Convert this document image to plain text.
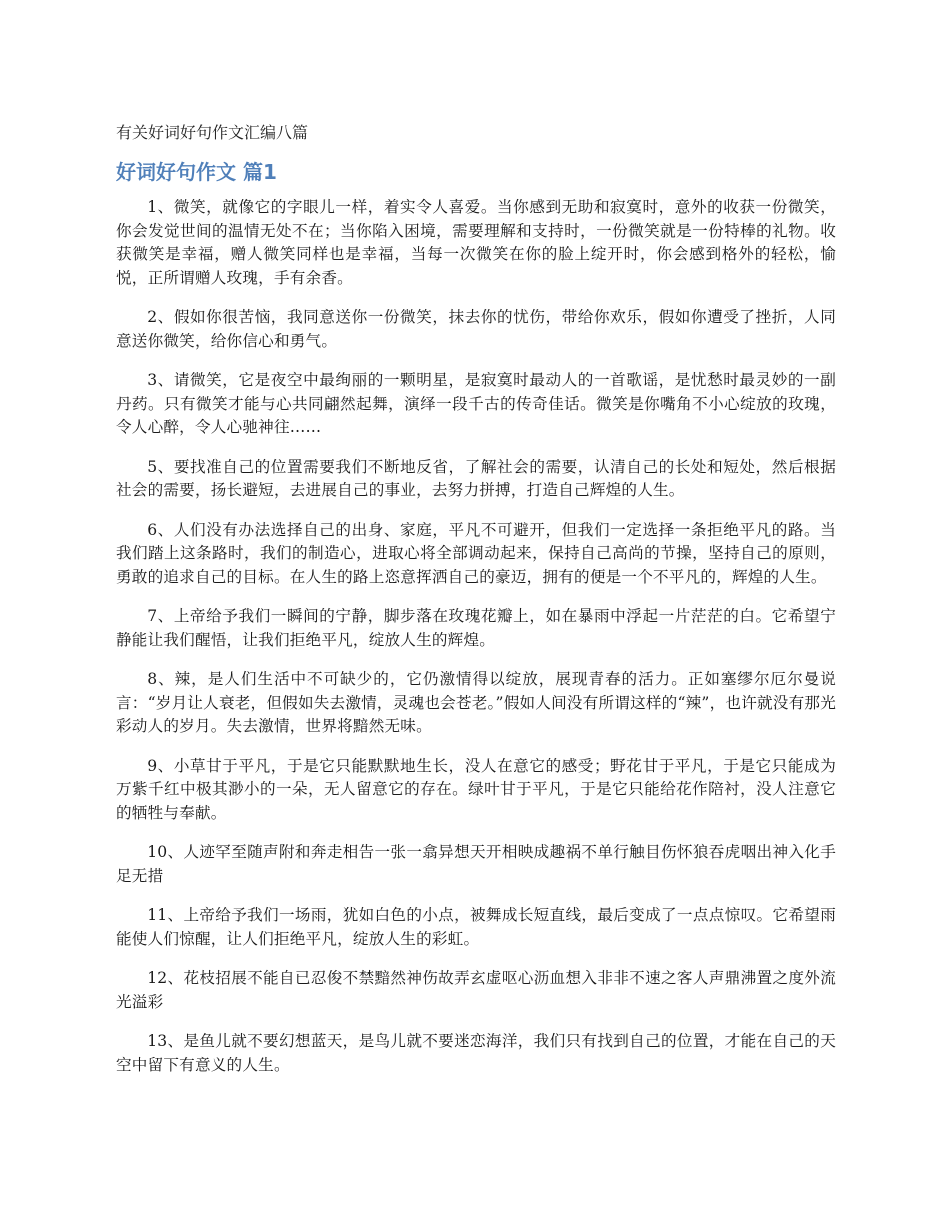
有关好词好句作文汇编八篇
好词好句作文 篇1

1、微笑，就像它的字眼儿一样，着实令人喜爱。当你感到无助和寂寞时，意外的收获一份微笑，你会发觉世间的温情无处不在；当你陷入困境，需要理解和支持时，一份微笑就是一份特棒的礼物。收获微笑是幸福，赠人微笑同样也是幸福，当每一次微笑在你的脸上绽开时，你会感到格外的轻松，愉悦，正所谓赠人玫瑰，手有余香。

2、假如你很苦恼，我同意送你一份微笑，抹去你的忧伤，带给你欢乐，假如你遭受了挫折，人同意送你微笑，给你信心和勇气。

3、请微笑，它是夜空中最绚丽的一颗明星，是寂寞时最动人的一首歌谣，是忧愁时最灵妙的一副丹药。只有微笑才能与心共同翩然起舞，演绎一段千古的传奇佳话。微笑是你嘴角不小心绽放的玫瑰，令人心醉，令人心驰神往……

5、要找准自己的位置需要我们不断地反省，了解社会的需要，认清自己的长处和短处，然后根据社会的需要，扬长避短，去进展自己的事业，去努力拼搏，打造自己辉煌的人生。

6、人们没有办法选择自己的出身、家庭，平凡不可避开，但我们一定选择一条拒绝平凡的路。当我们踏上这条路时，我们的制造心，进取心将全部调动起来，保持自己高尚的节操，坚持自己的原则，勇敢的追求自己的目标。在人生的路上恣意挥洒自己的豪迈，拥有的便是一个不平凡的，辉煌的人生。

7、上帝给予我们一瞬间的宁静，脚步落在玫瑰花瓣上，如在暴雨中浮起一片茫茫的白。它希望宁静能让我们醒悟，让我们拒绝平凡，绽放人生的辉煌。

8、辣，是人们生活中不可缺少的，它仍激情得以绽放，展现青春的活力。正如塞缪尔厄尔曼说言：“岁月让人衰老，但假如失去激情，灵魂也会苍老。”假如人间没有所谓这样的“辣”，也许就没有那光彩动人的岁月。失去激情，世界将黯然无味。

9、小草甘于平凡，于是它只能默默地生长，没人在意它的感受；野花甘于平凡，于是它只能成为万紫千红中极其渺小的一朵，无人留意它的存在。绿叶甘于平凡，于是它只能给花作陪衬，没人注意它的牺牲与奉献。

10、人迹罕至随声附和奔走相告一张一翕异想天开相映成趣祸不单行触目伤怀狼吞虎咽出神入化手足无措

11、上帝给予我们一场雨，犹如白色的小点，被舞成长短直线，最后变成了一点点惊叹。它希望雨能使人们惊醒，让人们拒绝平凡，绽放人生的彩虹。

12、花枝招展不能自已忍俊不禁黯然神伤故弄玄虚呕心沥血想入非非不速之客人声鼎沸置之度外流光溢彩

13、是鱼儿就不要幻想蓝天，是鸟儿就不要迷恋海洋，我们只有找到自己的位置，才能在自己的天空中留下有意义的人生。
